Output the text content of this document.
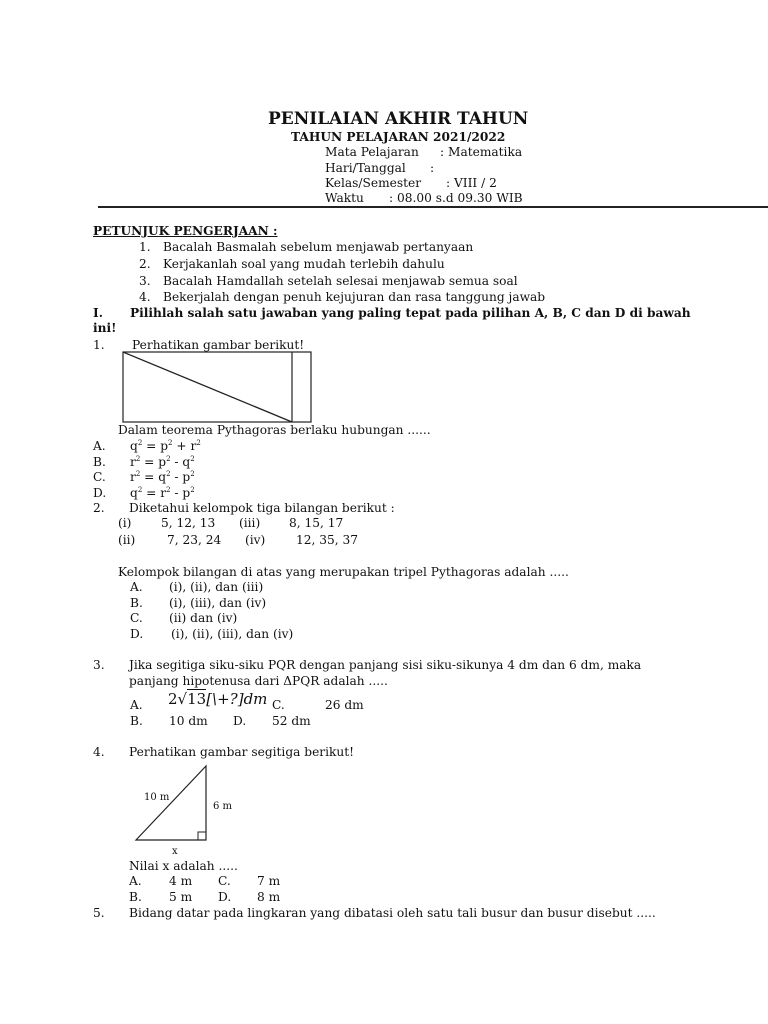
PENILAIAN AKHIR TAHUN
TAHUN PELAJARAN 2021/2022
Mata Pelajaran : Matematika
Hari/Tanggal :
Kelas/Semester : VIII / 2
Waktu : 08.00 s.d 09.30 WIB
PETUNJUK PENGERJAAN :
1. Bacalah Basmalah sebelum menjawab pertanyaan
2. Kerjakanlah soal yang mudah terlebih dahulu
3. Bacalah Hamdallah setelah selesai menjawab semua soal
4. Bekerjalah dengan penuh kejujuran dan rasa tanggung jawab
I. Pilihlah salah satu jawaban yang paling tepat pada pilihan A, B, C dan D di bawah
ini!
1. Perhatikan gambar berikut!
Dalam teorema Pythagoras berlaku hubungan ......
A. $q^2 = p^2 + r^2$
B. $r^2 = p^2 - q^2$
C. $r^2 = q^2 - p^2$
D. $q^2 = r^2 - p^2$
2. Diketahui kelompok tiga bilangan berikut :
(i) 5, 12, 13 (iii) 8, 15, 17
(ii)	7, 23, 24 (iv)	12, 35, 37
Kelompok bilangan di atas yang merupakan tripel Pythagoras adalah .....
A. (i), (ii), dan (iii)
B. (i), (iii), dan (iv)
C. (ii) dan (iv)
D. (i), (ii), (iii), dan (iv)
3. Jika segitiga siku-siku PQR dengan panjang sisi siku-sikunya 4 dm dan 6 dm, maka
panjang hipotenusa dari ΔPQR adalah .....
A. 2√13[\+?]dm C.	26 dm
B. 10 dm D. 52 dm
4. Perhatikan gambar segitiga berikut!
10 m
6 m
x
Nilai x adalah .....
A. 4 m C. 7 m
B. 5 m D. 8 m
5. Bidang datar pada lingkaran yang dibatasi oleh satu tali busur dan busur disebut .....
